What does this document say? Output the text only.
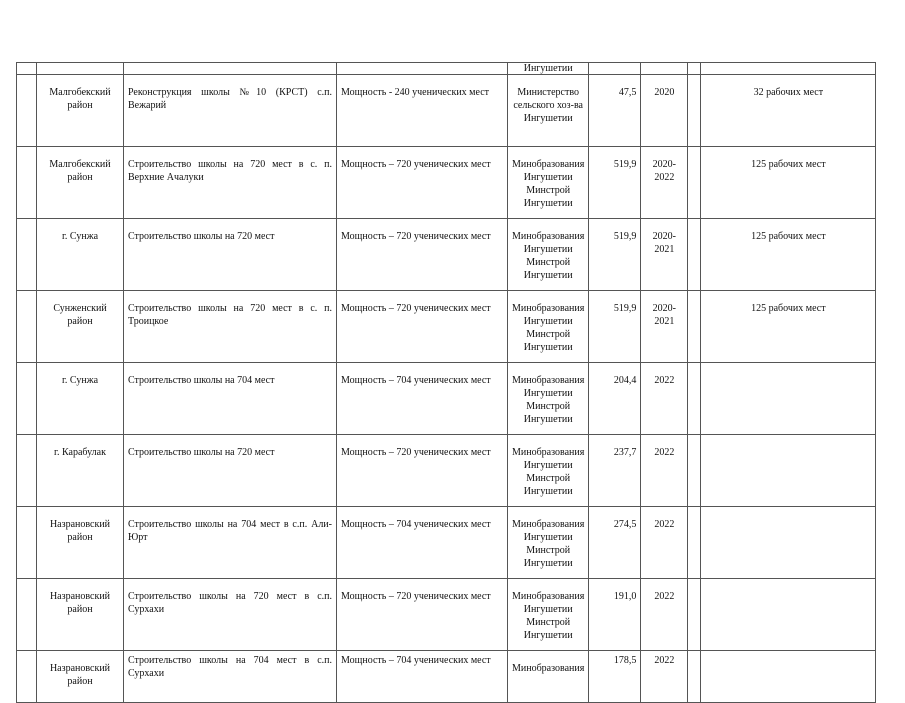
				Ингушетии				
	Малгобекский район	Реконструкция школы №10 (КРСТ) с.п. Вежарий	Мощность - 240 ученических мест	Министерство сельского хоз-ва Ингушетии	47,5	2020		32 рабочих мест
	Малгобекский район	Строительство школы на 720 мест в с. п. Верхние Ачалуки	Мощность – 720 ученических мест	Минобразования Ингушетии Минстрой Ингушетии	519,9	2020-2022		125 рабочих мест
	г. Сунжа	Строительство школы на 720 мест	Мощность – 720 ученических мест	Минобразования Ингушетии Минстрой Ингушетии	519,9	2020-2021		125 рабочих мест
	Сунженский район	Строительство школы на 720 мест в с. п. Троицкое	Мощность – 720 ученических мест	Минобразования Ингушетии Минстрой Ингушетии	519,9	2020-2021		125 рабочих мест
	г. Сунжа	Строительство школы на 704 мест	Мощность – 704 ученических мест	Минобразования Ингушетии Минстрой Ингушетии	204,4	2022		
	г. Карабулак	Строительство школы на 720 мест	Мощность – 720 ученических мест	Минобразования Ингушетии Минстрой Ингушетии	237,7	2022		
	Назрановский район	Строительство школы на 704 мест в с.п. Али-Юрт	Мощность – 704 ученических мест	Минобразования Ингушетии Минстрой Ингушетии	274,5	2022		
	Назрановский район	Строительство школы на 720 мест в с.п. Сурхахи	Мощность – 720 ученических мест	Минобразования Ингушетии Минстрой Ингушетии	191,0	2022		
	Назрановский район	Строительство школы на 704 мест в с.п. Сурхахи	Мощность – 704 ученических мест	Минобразования	178,5	2022		
